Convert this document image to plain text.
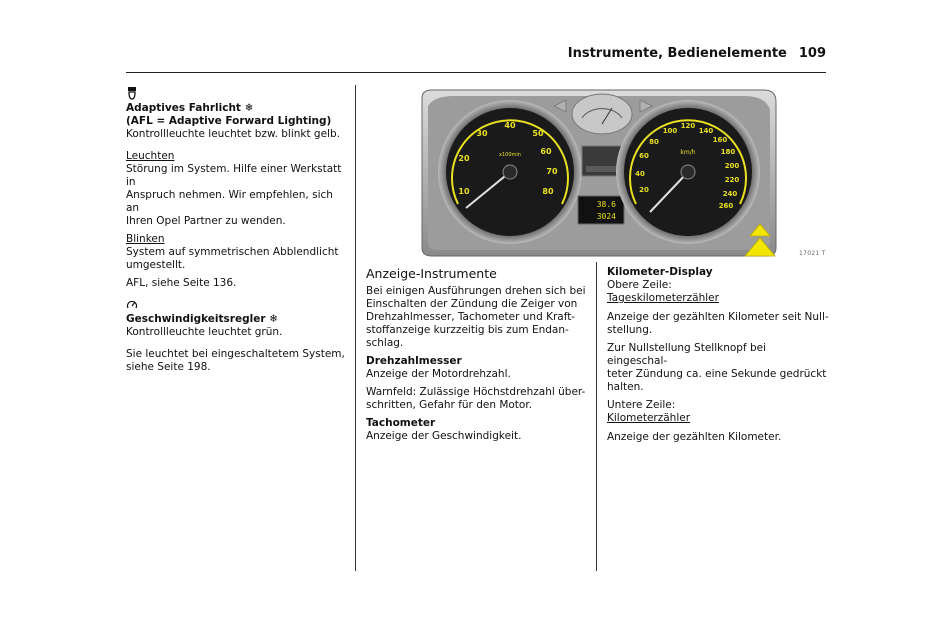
Instrumente, Bedienelemente 109
Adaptives Fahrlicht ❄
(AFL = Adaptive Forward Lighting)

Kontrollleuchte leuchtet bzw. blinkt gelb.

Leuchten
Störung im System. Hilfe einer Werkstatt in
Anspruch nehmen. Wir empfehlen, sich an
Ihren Opel Partner zu wenden.
Blinken
System auf symmetrischen Abblendlicht
umgestellt.
AFL, siehe Seite 136.
Geschwindigkeitsregler ❄

Kontrollleuchte leuchtet grün.

Sie leuchtet bei eingeschaltetem System,
siehe Seite 198.
10
20
30
40
50
60
70
80
x100min
38.6
3024
20
40
60
80
100
120
140
160
180
200
220
240
260
km/h
17021 T
Anzeige-Instrumente
Bei einigen Ausführungen drehen sich bei
Einschalten der Zündung die Zeiger von
Drehzahlmesser, Tachometer und Kraft-
stoffanzeige kurzzeitig bis zum Endan-
schlag.
Drehzahlmesser
Anzeige der Motordrehzahl.
Warnfeld: Zulässige Höchstdrehzahl über-
schritten, Gefahr für den Motor.
Tachometer
Anzeige der Geschwindigkeit.
Kilometer-Display
Obere Zeile:
Tageskilometerzähler
Anzeige der gezählten Kilometer seit Null-
stellung.
Zur Nullstellung Stellknopf bei eingeschal-
teter Zündung ca. eine Sekunde gedrückt
halten.
Untere Zeile:
Kilometerzähler
Anzeige der gezählten Kilometer.
